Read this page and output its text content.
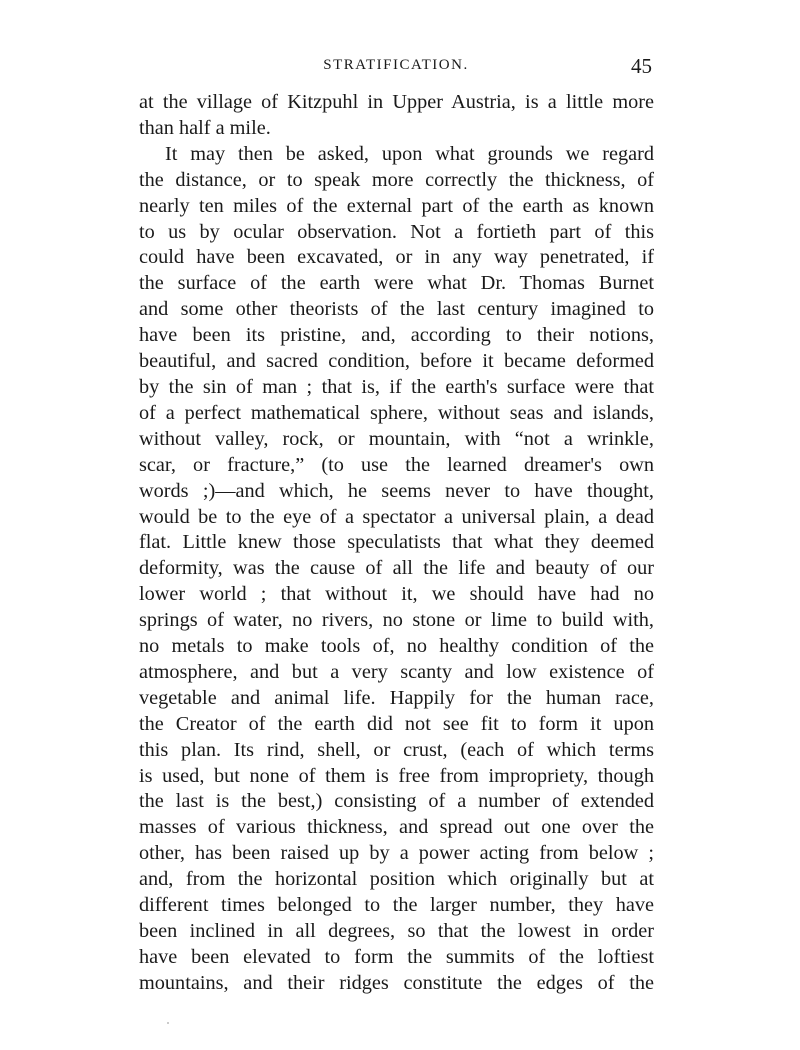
STRATIFICATION.	45
at the village of Kitzpuhl in Upper Austria, is a little more
than half a mile.
It may then be asked, upon what grounds we regard
the distance, or to speak more correctly the thickness, of
nearly ten miles of the external part of the earth as known
to us by ocular observation. Not a fortieth part of this
could have been excavated, or in any way penetrated, if
the surface of the earth were what Dr. Thomas Burnet
and some other theorists of the last century imagined to
have been its pristine, and, according to their notions,
beautiful, and sacred condition, before it became deformed
by the sin of man ; that is, if the earth's surface were that
of a perfect mathematical sphere, without seas and islands,
without valley, rock, or mountain, with “not a wrinkle,
scar, or fracture,” (to use the learned dreamer's own
words ;)—and which, he seems never to have thought,
would be to the eye of a spectator a universal plain, a dead
flat. Little knew those speculatists that what they deemed
deformity, was the cause of all the life and beauty of our
lower world ; that without it, we should have had no
springs of water, no rivers, no stone or lime to build with,
no metals to make tools of, no healthy condition of the
atmosphere, and but a very scanty and low existence of
vegetable and animal life. Happily for the human race,
the Creator of the earth did not see fit to form it upon
this plan. Its rind, shell, or crust, (each of which terms
is used, but none of them is free from impropriety, though
the last is the best,) consisting of a number of extended
masses of various thickness, and spread out one over the
other, has been raised up by a power acting from below ;
and, from the horizontal position which originally but at
different times belonged to the larger number, they have
been inclined in all degrees, so that the lowest in order
have been elevated to form the summits of the loftiest
mountains, and their ridges constitute the edges of the
